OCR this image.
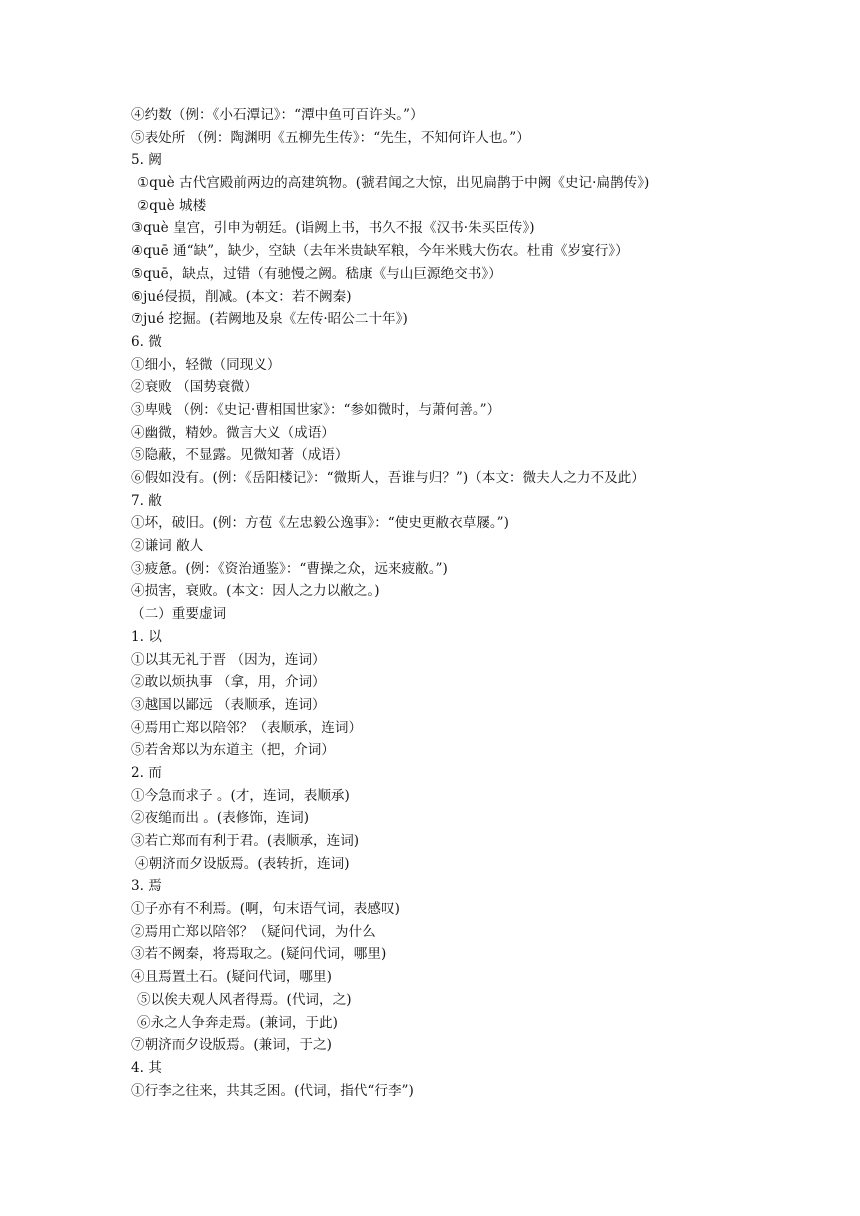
④约数（例：《小石潭记》：“潭中鱼可百许头。”）
⑤表处所 （例：陶渊明《五柳先生传》：“先生，不知何许人也。”）
5. 阙
①què 古代宫殿前两边的高建筑物。(虢君闻之大惊，出见扁鹊于中阙《史记·扁鹊传》)
②què 城楼
③què 皇宫，引申为朝廷。(诣阙上书，书久不报《汉书·朱买臣传》)
④quē 通“缺”，缺少，空缺（去年米贵缺军粮，今年米贱大伤农。杜甫《岁宴行》）
⑤quē，缺点，过错（有驰慢之阙。嵇康《与山巨源绝交书》）
⑥jué侵损，削减。(本文：若不阙秦)
⑦jué 挖掘。(若阙地及泉《左传·昭公二十年》)
6. 微
①细小，轻微（同现义）
②衰败 （国势衰微）
③卑贱 （例：《史记·曹相国世家》：“参如微时，与萧何善。”）
④幽微，精妙。微言大义（成语）
⑤隐蔽，不显露。见微知著（成语）
⑥假如没有。(例：《岳阳楼记》：“微斯人，吾谁与归？”)（本文：微夫人之力不及此）
7. 敝
①坏，破旧。(例：方苞《左忠毅公逸事》：“使史更敝衣草屦。”)
②谦词 敝人
③疲惫。(例：《资治通鉴》：“曹操之众，远来疲敝。”)
④损害，衰败。(本文：因人之力以敝之。)
（二）重要虚词
1. 以
①以其无礼于晋 （因为，连词）
②敢以烦执事 （拿，用，介词）
③越国以鄙远 （表顺承，连词）
④焉用亡郑以陪邻？（表顺承，连词）
⑤若舍郑以为东道主（把，介词）
2. 而
①今急而求子 。(才，连词，表顺承)
②夜缒而出 。(表修饰，连词)
③若亡郑而有利于君。(表顺承，连词)
④朝济而夕设版焉。(表转折，连词)
3. 焉
①子亦有不利焉。(啊，句末语气词，表感叹)
②焉用亡郑以陪邻？（疑问代词，为什么
③若不阙秦，将焉取之。(疑问代词，哪里)
④且焉置土石。(疑问代词，哪里)
⑤以俟夫观人风者得焉。(代词，之)
⑥永之人争奔走焉。(兼词，于此)
⑦朝济而夕设版焉。(兼词，于之)
4. 其
①行李之往来，共其乏困。(代词，指代“行李”)
